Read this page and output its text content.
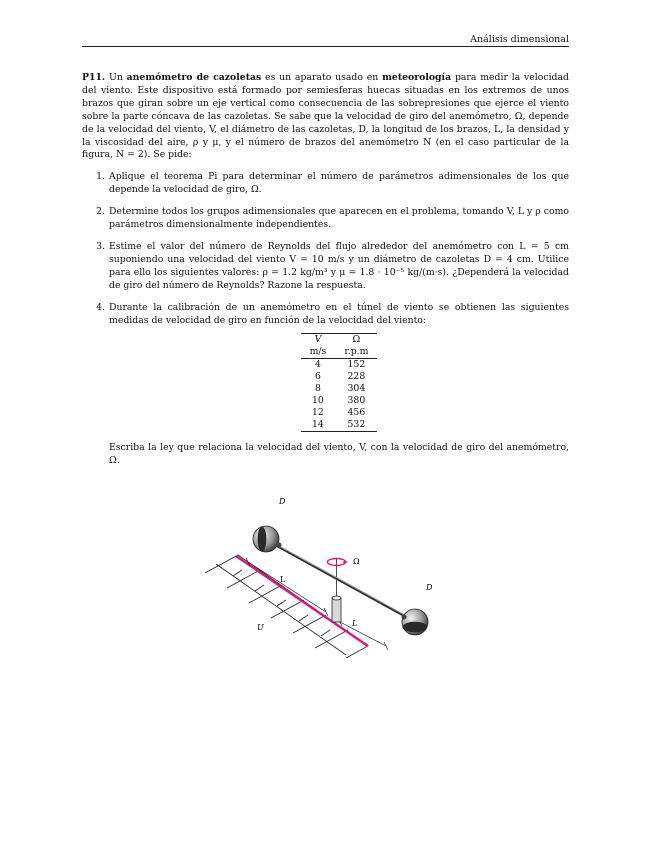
Análisis dimensional

P11. Un anemómetro de cazoletas es un aparato usado en meteorología para medir la velocidad del viento. Este dispositivo está formado por semiesferas huecas situadas en los extremos de unos brazos que giran sobre un eje vertical como consecuencia de las sobrepresiones que ejerce el viento sobre la parte cóncava de las cazoletas. Se sabe que la velocidad de giro del anemómetro, Ω, depende de la velocidad del viento, V, el diámetro de las cazoletas, D, la longitud de los brazos, L, la densidad y la viscosidad del aire, ρ y μ, y el número de brazos del anemómetro N (en el caso particular de la figura, N = 2). Se pide:

1. Aplique el teorema Pi para determinar el número de parámetros adimensionales de los que depende la velocidad de giro, Ω.
2. Determine todos los grupos adimensionales que aparecen en el problema, tomando V, L y ρ como parámetros dimensionalmente independientes.
3. Estime el valor del número de Reynolds del flujo alrededor del anemómetro con L = 5 cm suponiendo una velocidad del viento V = 10 m/s y un diámetro de cazoletas D = 4 cm. Utilice para ello los siguientes valores: ρ = 1.2 kg/m³ y μ = 1.8 · 10⁻⁵ kg/(m·s). ¿Dependerá la velocidad de giro del número de Reynolds? Razone la respuesta.
4. Durante la calibración de un anemómetro en el túnel de viento se obtienen las siguientes medidas de velocidad de giro en función de la velocidad del viento:
V	Ω
m/s	r.p.m
4	152
6	228
8	304
10	380
12	456
14	532

Escriba la ley que relaciona la velocidad del viento, V, con la velocidad de giro del anemómetro, Ω.

D
D
Ω
L
L
U
